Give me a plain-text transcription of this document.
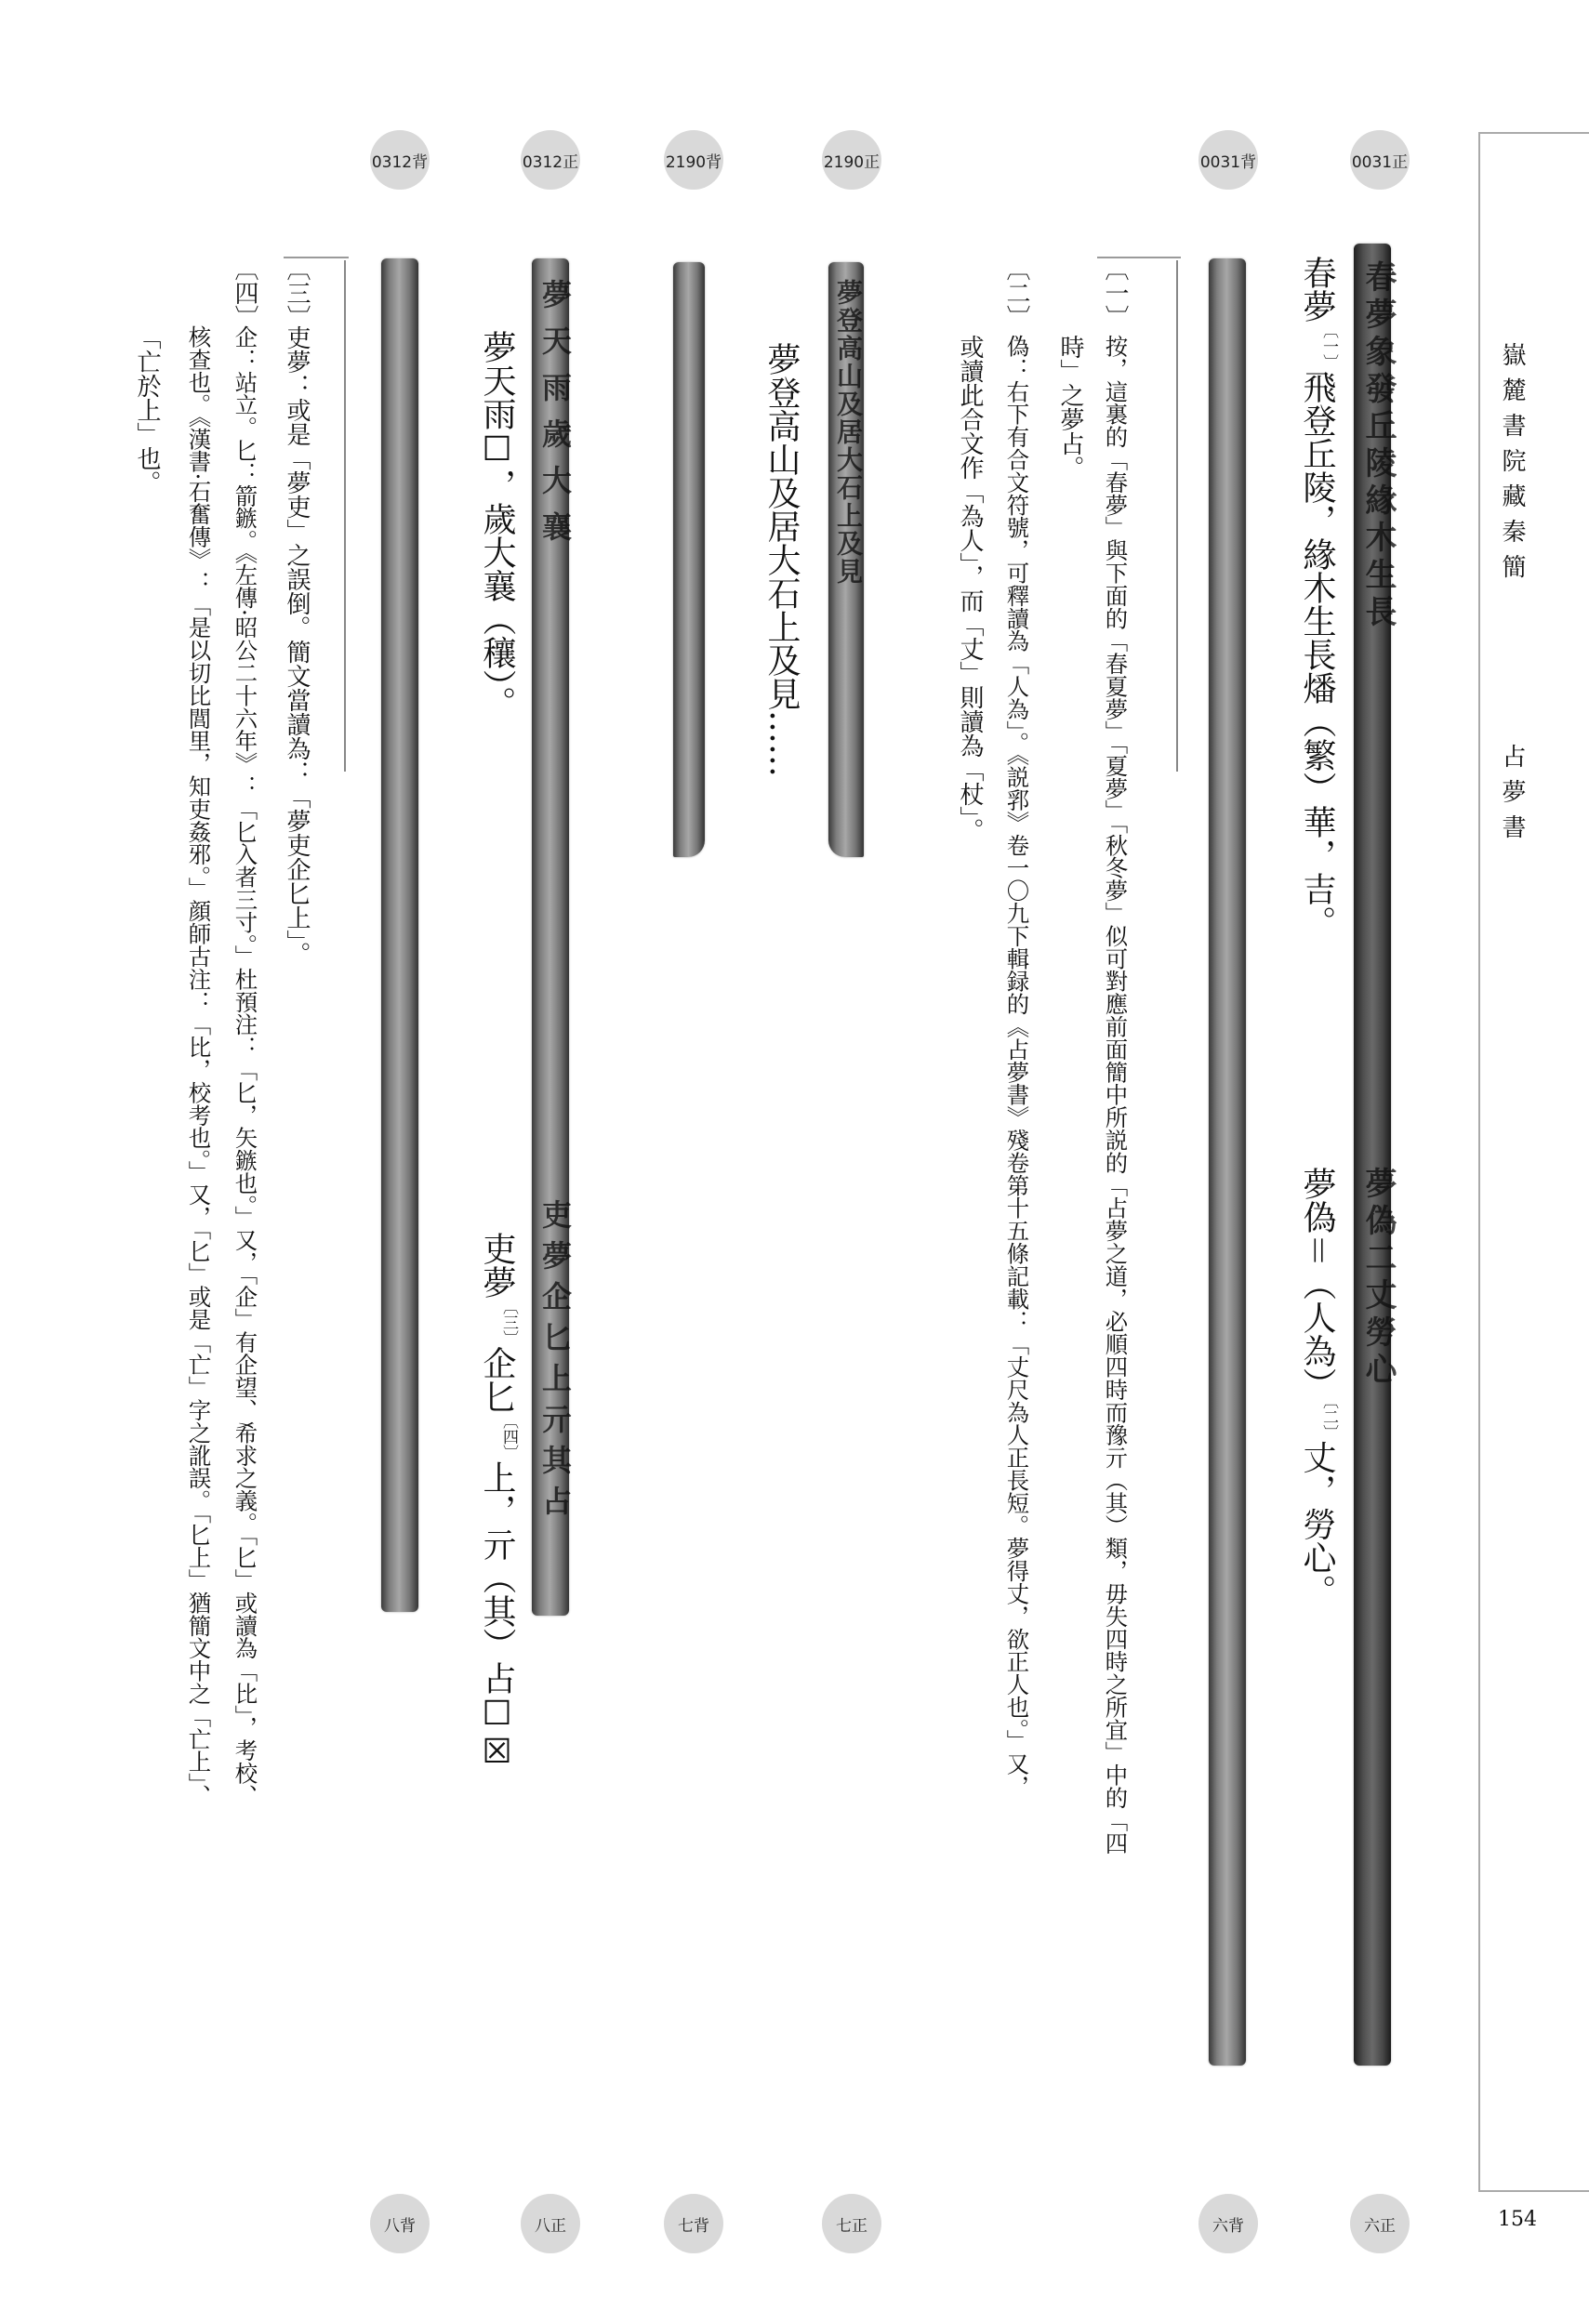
嶽麓書院藏秦簡
占夢書
154
0031正
0031背
2190正
2190背
0312正
0312背
六正
六背
七正
七背
八正
八背
春夢象發丘陵緣木生長
夢偽二丈勞心
夢登高山及居大石上及見
夢天雨歲大襄
吏夢企匕上亓其占
春夢$^{〔一〕}$飛登丘陵，緣木生長燔（繁）華，吉。
夢偽＝（人為）$^{〔二〕}$丈，勞心。
夢登高山及居大石上及見……
夢天雨☐，歲大襄（穰）。
吏夢$^{〔三〕}$企匕$^{〔四〕}$上，亓（其）占☐☒
〔一〕
按，這裏的「春夢」與下面的「春夏夢」「夏夢」「秋冬夢」似可對應前面簡中所説的「占夢之道，必順四時而豫亓（其）類，毋失四時之所宜」中的「四
時」之夢占。
〔二〕
偽：右下有合文符號，可釋讀為「人為」。《説郛》卷一〇九下輯録的《占夢書》殘卷第十五條記載：「丈尺為人正長短。夢得丈，欲正人也。」又，
或讀此合文作「為人」，而「丈」則讀為「杖」。
〔三〕
吏夢：或是「夢吏」之誤倒。簡文當讀為：「夢吏企匕上」。
〔四〕
企：站立。匕：箭鏃。《左傳·昭公二十六年》：「匕入者三寸。」杜預注：「匕，矢鏃也。」又，「企」有企望、希求之義。「匕」或讀為「比」，考校、
核查也。《漢書·石奮傳》：「是以切比閭里，知吏姦邪。」顔師古注：「比，校考也。」又，「匕」或是「亡」字之訛誤。「匕上」猶簡文中之「亡上」、
「亡於上」也。
